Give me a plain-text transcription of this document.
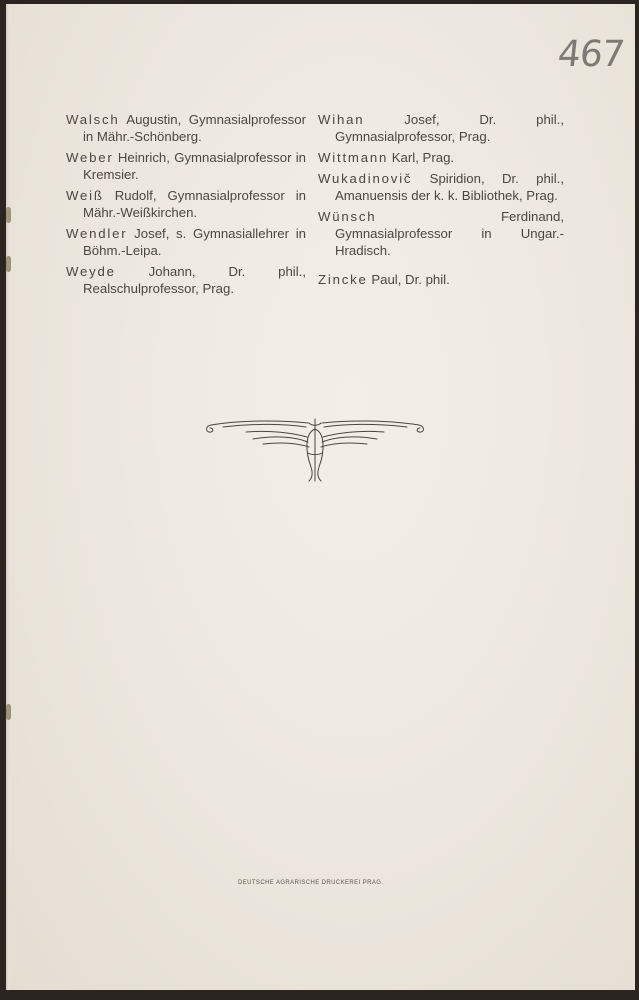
467
Walsch Augustin, Gymnasialprofessor in Mähr.-Schönberg.
Weber Heinrich, Gymnasialprofessor in Kremsier.
Weiß Rudolf, Gymnasialprofessor in Mähr.-Weißkirchen.
Wendler Josef, s. Gymnasiallehrer in Böhm.-Leipa.
Weyde Johann, Dr. phil., Realschulprofessor, Prag.
Wihan	Josef, Dr. phil., Gymnasialprofessor, Prag.
Wittmann Karl, Prag.
Wukadinovič Spiridion, Dr. phil., Amanuensis der k. k. Bibliothek, Prag.
Wünsch	Ferdinand, Gymnasialprofessor in Ungar.-Hradisch.
Zincke Paul, Dr. phil.
DEUTSCHE AGRARISCHE DRUCKEREI PRAG.
